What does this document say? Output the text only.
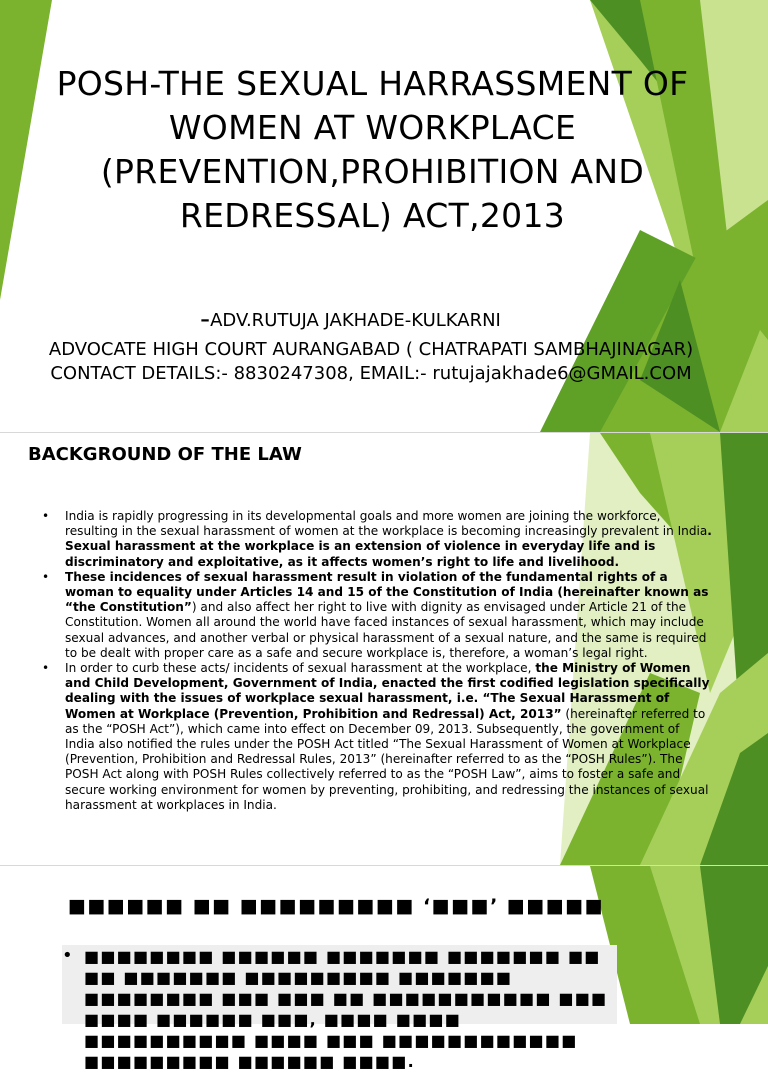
POSH-THE SEXUAL HARRASSMENT OF WOMEN AT WORKPLACE (PREVENTION,PROHIBITION AND REDRESSAL) ACT,2013
-ADV.RUTUJA JAKHADE-KULKARNI
ADVOCATE HIGH COURT AURANGABAD ( CHATRAPATI SAMBHAJINAGAR)
CONTACT DETAILS:- 8830247308, EMAIL:- rutujajakhade6@GMAIL.COM
BACKGROUND OF THE LAW
• India is rapidly progressing in its developmental goals and more women are joining the workforce, resulting in the sexual harassment of women at the workplace is becoming increasingly prevalent in India. Sexual harassment at the workplace is an extension of violence in everyday life and is discriminatory and exploitative, as it affects women’s right to life and livelihood.
• These incidences of sexual harassment result in violation of the fundamental rights of a woman to equality under Articles 14 and 15 of the Constitution of India (hereinafter known as “the Constitution”) and also affect her right to live with dignity as envisaged under Article 21 of the Constitution. Women all around the world have faced instances of sexual harassment, which may include sexual advances, and another verbal or physical harassment of a sexual nature, and the same is required to be dealt with proper care as a safe and secure workplace is, therefore, a woman’s legal right.
• In order to curb these acts/ incidents of sexual harassment at the workplace, the Ministry of Women and Child Development, Government of India, enacted the first codified legislation specifically dealing with the issues of workplace sexual harassment, i.e. “The Sexual Harassment of Women at Workplace (Prevention, Prohibition and Redressal) Act, 2013” (hereinafter referred to as the “POSH Act”), which came into effect on December 09, 2013. Subsequently, the government of India also notified the rules under the POSH Act titled “The Sexual Harassment of Women at Workplace (Prevention, Prohibition and Redressal Rules, 2013” (hereinafter referred to as the “POSH Rules”). The POSH Act along with POSH Rules collectively referred to as the “POSH Law”, aims to foster a safe and secure working environment for women by preventing, prohibiting, and redressing the instances of sexual harassment at workplaces in India.
■■■■■■ ■■ ■■■■■■■■■ ‘■■■’ ■■■■■
• ■■■■■■■■ ■■■■■■ ■■■■■■■ ■■■■■■■ ■■ ■■ ■■■■■■■ ■■■■■■■■■ ■■■■■■■ ■■■■■■■■ ■■■ ■■■ ■■ ■■■■■■■■■■■ ■■■ ■■■■ ■■■■■■ ■■■, ■■■■ ■■■■ ■■■■■■■■■■ ■■■■ ■■■ ■■■■■■■■■■■■ ■■■■■■■■■ ■■■■■■ ■■■■.
